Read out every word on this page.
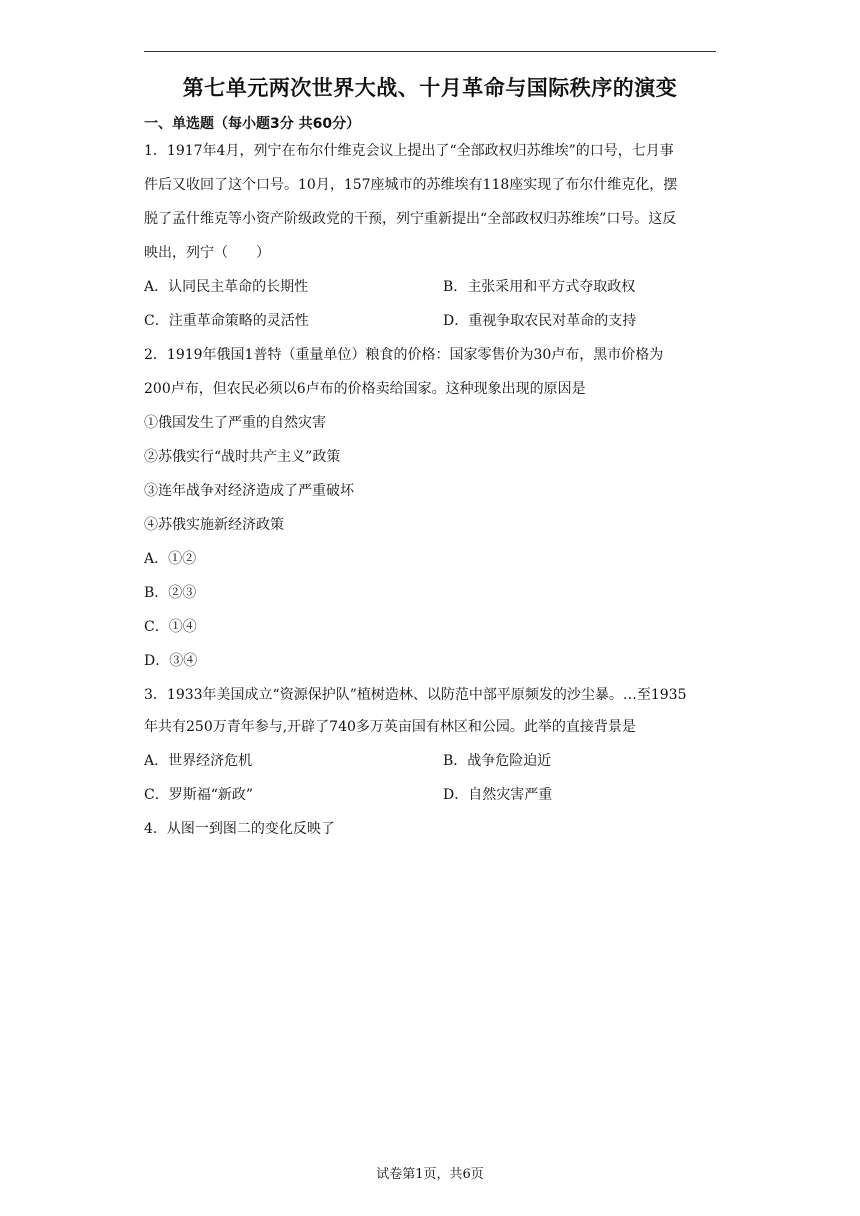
第七单元两次世界大战、十月革命与国际秩序的演变
一、单选题（每小题3分 共60分）
1．1917年4月，列宁在布尔什维克会议上提出了“全部政权归苏维埃”的口号，七月事
件后又收回了这个口号。10月，157座城市的苏维埃有118座实现了布尔什维克化，摆
脱了孟什维克等小资产阶级政党的干预，列宁重新提出“全部政权归苏维埃”口号。这反
映出，列宁（　　）
A．认同民主革命的长期性	B．主张采用和平方式夺取政权
C．注重革命策略的灵活性	D．重视争取农民对革命的支持
2．1919年俄国1普特（重量单位）粮食的价格：国家零售价为30卢布，黑市价格为
200卢布，但农民必须以6卢布的价格卖给国家。这种现象出现的原因是
①俄国发生了严重的自然灾害
②苏俄实行“战时共产主义”政策
③连年战争对经济造成了严重破坏
④苏俄实施新经济政策
A．①②
B．②③
C．①④
D．③④
3．1933年美国成立“资源保护队”植树造林、以防范中部平原频发的沙尘暴。…至1935
年共有250万青年参与,开辟了740多万英亩国有林区和公园。此举的直接背景是
A．世界经济危机	B．战争危险迫近
C．罗斯福“新政”	D．自然灾害严重
4．从图一到图二的变化反映了
试卷第1页，共6页
